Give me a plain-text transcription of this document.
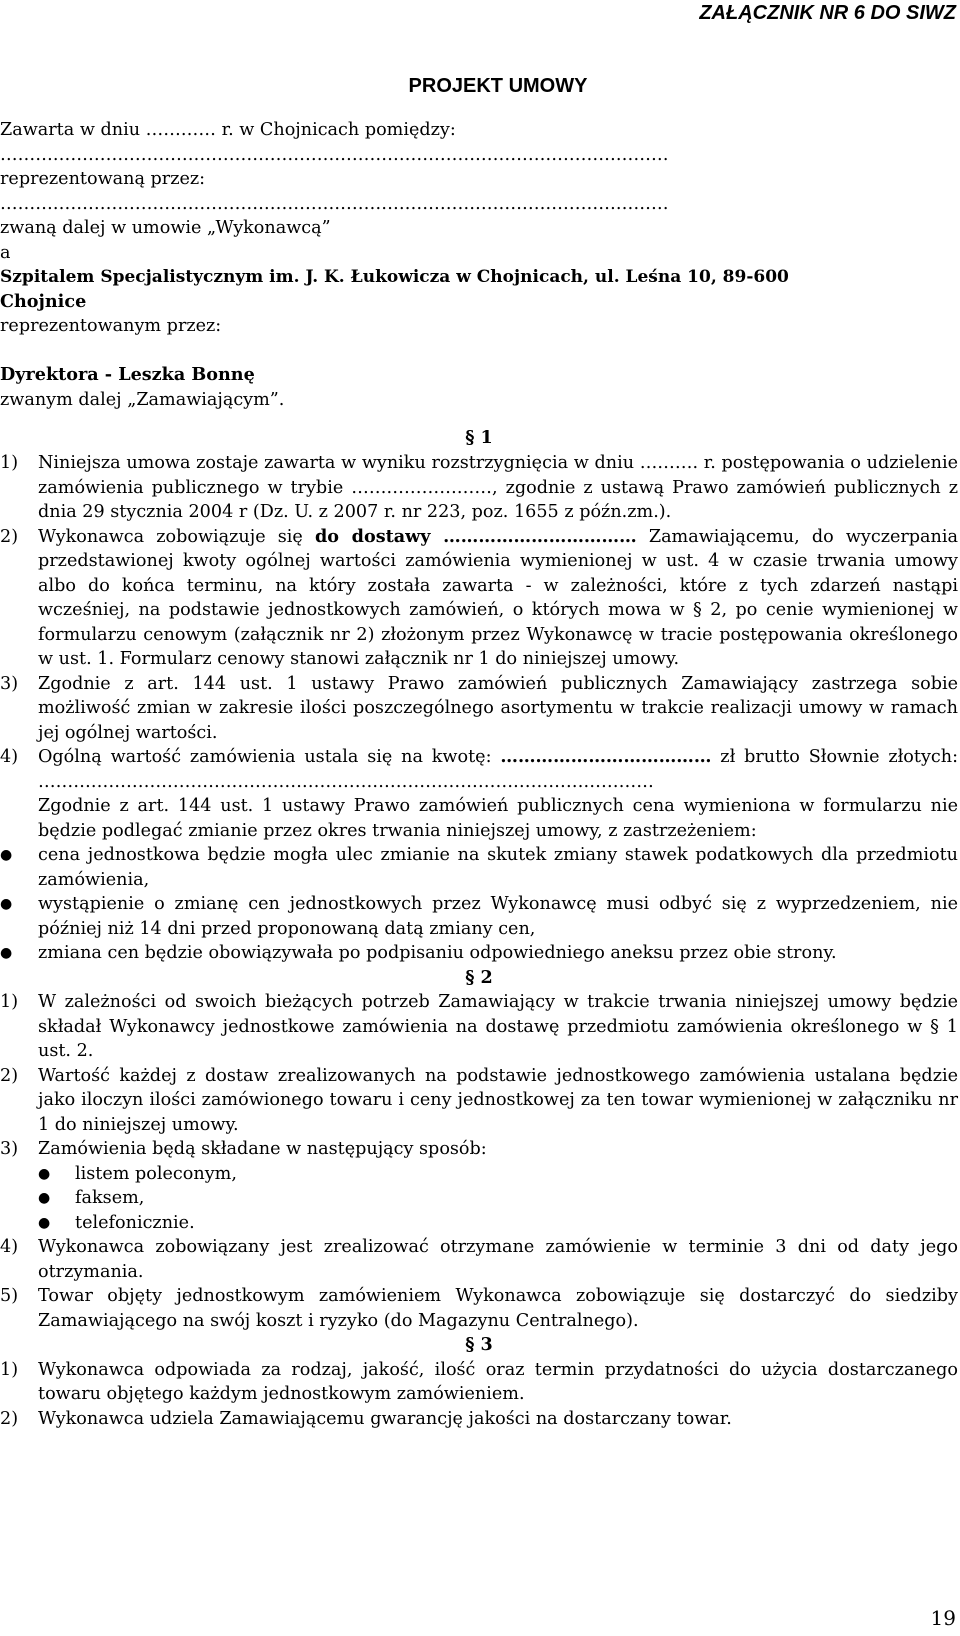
ZAŁĄCZNIK NR 6 DO SIWZ
PROJEKT UMOWY
Zawarta w dniu ………… r. w Chojnicach pomiędzy:
……………………………………………………………………………………………………
reprezentowaną przez:
……………………………………………………………………………………………………
zwaną dalej w umowie „Wykonawcą”
a
Szpitalem Specjalistycznym im. J. K. Łukowicza w Chojnicach, ul. Leśna 10, 89-600
Chojnice
reprezentowanym przez:
Dyrektora - Leszka Bonnę
zwanym dalej „Zamawiającym”.
§ 1
1) Niniejsza umowa zostaje zawarta w wyniku rozstrzygnięcia w dniu ………. r. postępowania o udzielenie zamówienia publicznego w trybie ……………………, zgodnie z ustawą Prawo zamówień publicznych z dnia 29 stycznia 2004 r (Dz. U. z 2007 r. nr 223, poz. 1655 z późn.zm.).
2) Wykonawca zobowiązuje się do dostawy …………………………… Zamawiającemu, do wyczerpania przedstawionej kwoty ogólnej wartości zamówienia wymienionej w ust. 4 w czasie trwania umowy albo do końca terminu, na który została zawarta - w zależności, które z tych zdarzeń nastąpi wcześniej, na podstawie jednostkowych zamówień, o których mowa w § 2, po cenie wymienionej w formularzu cenowym (załącznik nr 2) złożonym przez Wykonawcę w tracie postępowania określonego w ust. 1. Formularz cenowy stanowi załącznik nr 1 do niniejszej umowy.
3) Zgodnie z art. 144 ust. 1 ustawy Prawo zamówień publicznych Zamawiający zastrzega sobie możliwość zmian w zakresie ilości poszczególnego asortymentu w trakcie realizacji umowy w ramach jej ogólnej wartości.
4) Ogólną wartość zamówienia ustala się na kwotę: ……………………………… zł brutto Słownie złotych: ……………………………………………………………………………………………
Zgodnie z art. 144 ust. 1 ustawy Prawo zamówień publicznych cena wymieniona w formularzu nie będzie podlegać zmianie przez okres trwania niniejszej umowy, z zastrzeżeniem:
● cena jednostkowa będzie mogła ulec zmianie na skutek zmiany stawek podatkowych dla przedmiotu zamówienia,
● wystąpienie o zmianę cen jednostkowych przez Wykonawcę musi odbyć się z wyprzedzeniem, nie później niż 14 dni przed proponowaną datą zmiany cen,
● zmiana cen będzie obowiązywała po podpisaniu odpowiedniego aneksu przez obie strony.
§ 2
1) W zależności od swoich bieżących potrzeb Zamawiający w trakcie trwania niniejszej umowy będzie składał Wykonawcy jednostkowe zamówienia na dostawę przedmiotu zamówienia określonego w § 1 ust. 2.
2) Wartość każdej z dostaw zrealizowanych na podstawie jednostkowego zamówienia ustalana będzie jako iloczyn ilości zamówionego towaru i ceny jednostkowej za ten towar wymienionej w załączniku nr 1 do niniejszej umowy.
3) Zamówienia będą składane w następujący sposób:
● listem poleconym,
● faksem,
● telefonicznie.
4) Wykonawca zobowiązany jest zrealizować otrzymane zamówienie w terminie 3 dni od daty jego otrzymania.
5) Towar objęty jednostkowym zamówieniem Wykonawca zobowiązuje się dostarczyć do siedziby Zamawiającego na swój koszt i ryzyko (do Magazynu Centralnego).
§ 3
1) Wykonawca odpowiada za rodzaj, jakość, ilość oraz termin przydatności do użycia dostarczanego towaru objętego każdym jednostkowym zamówieniem.
2) Wykonawca udziela Zamawiającemu gwarancję jakości na dostarczany towar.
19
